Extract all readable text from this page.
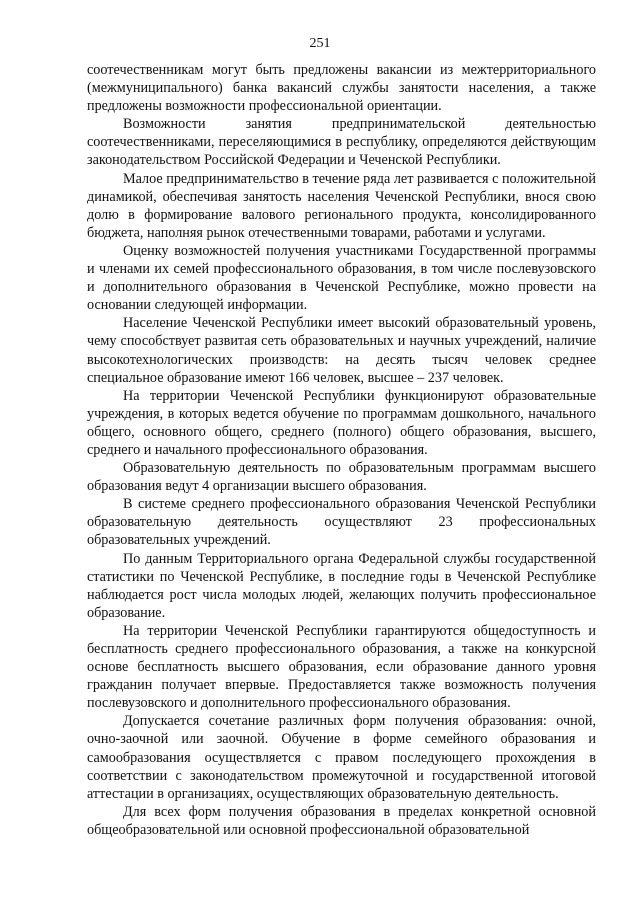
251

соотечественникам могут быть предложены вакансии из межтерриториального (межмуниципального) банка вакансий службы занятости населения, а также предложены возможности профессиональной ориентации.

Возможности занятия предпринимательской деятельностью соотечественниками, переселяющимися в республику, определяются действующим законодательством Российской Федерации и Чеченской Республики.

Малое предпринимательство в течение ряда лет развивается с положительной динамикой, обеспечивая занятость населения Чеченской Республики, внося свою долю в формирование валового регионального продукта, консолидированного бюджета, наполняя рынок отечественными товарами, работами и услугами.

Оценку возможностей получения участниками Государственной программы и членами их семей профессионального образования, в том числе послевузовского и дополнительного образования в Чеченской Республике, можно провести на основании следующей информации.

Население Чеченской Республики имеет высокий образовательный уровень, чему способствует развитая сеть образовательных и научных учреждений, наличие высокотехнологических производств: на десять тысяч человек среднее специальное образование имеют 166 человек, высшее – 237 человек.

На территории Чеченской Республики функционируют образовательные учреждения, в которых ведется обучение по программам дошкольного, начального общего, основного общего, среднего (полного) общего образования, высшего, среднего и начального профессионального образования.

Образовательную деятельность по образовательным программам высшего образования ведут 4 организации высшего образования.

В системе среднего профессионального образования Чеченской Республики образовательную деятельность осуществляют 23 профессиональных образовательных учреждений.

По данным Территориального органа Федеральной службы государственной статистики по Чеченской Республике, в последние годы в Чеченской Республике наблюдается рост числа молодых людей, желающих получить профессиональное образование.

На территории Чеченской Республики гарантируются общедоступность и бесплатность среднего профессионального образования, а также на конкурсной основе бесплатность высшего образования, если образование данного уровня гражданин получает впервые. Предоставляется также возможность получения послевузовского и дополнительного профессионального образования.

Допускается сочетание различных форм получения образования: очной, очно-заочной или заочной. Обучение в форме семейного образования и самообразования осуществляется с правом последующего прохождения в соответствии с законодательством промежуточной и государственной итоговой аттестации в организациях, осуществляющих образовательную деятельность.

Для всех форм получения образования в пределах конкретной основной общеобразовательной или основной профессиональной образовательной
